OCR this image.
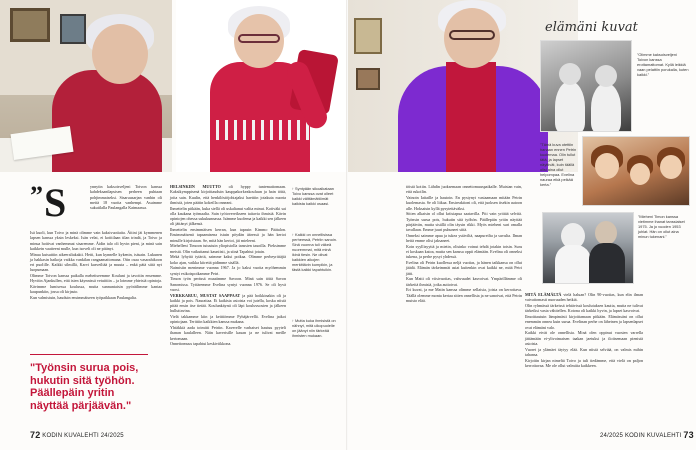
” S	ynnytin kaksoisveljeni Toivon kanssa kahdeksantlapsisen perheen puhtaan pohjimmaiseksi. Sisaruusarjan vanhin oli meitä 18 vuotta vanhempi. Asuimme sukutilalla Paulangalla Kaimaassa.

Isä kuoli, kun Toivo ja minä olimme vain kaksivuotiaita. Äitini jäi kymmenen lapsen kanssa yksin leskeksi. Isän velat, ei kotitilaan tilan trindä, ja Toivo ja minua hoitivat vanhemmat sisaremme. Äidin talo oli hyvin pieni, ja minä sain kaikkein vaatteeni mulle, kun isoveli oli ne pitänyt.

Minua kutsuttiin aikeeraliakakti. Hetti, kun kynnelle kykenin, isäsain. Lukunen ja hakkasin haikoja vaikka vankilan rangaamattomana. Otin osaa vasarahikoon eri puolille. Kaikki silmillä, Karvi kasveiltää ja muuta – enkä pätä siitä nyt luopumaan.

Olimme Toivon kanssa paikalla meheitseemme Kouluni ja tavoitin ensemme. Hyvitin Ajankullen, että isien käynnissä vetuittiin – ja loimme yhteisiä opintoja. Kävimme lumisessa koulussa, mutta sunnuntaisin pyöräilimme kantaa kaupunkiin, jossa oli kirjasto.

Kun valmistuin, hauduin ensimmäiseen työpaikkaan Paulangalta.

"Työnsin surua pois, hukutin sitä työhön. Päällepäin yritin näyttää pärjäävän."

HELSINKIIN MUUTTO oli hyppy tuntemattomaan. Kaksikymppisenä kirjoittauduin kauppakorkeakouluun ja hain töitä, joita sain. Kuulin, että henkilöstöjohtajaksi haettiin jotakuta nuorta ihmistä, joten päätin kokeilla onneani.

Ihmettelin pitkään, kuka siellä oli uskaltanut valita minut. Kotiväki sai olla kaukana työmaalta. Sain työtovereikseen taitavia ihmisiä. Kävin opintojen ohessa sukukunnassa. Isämme kuolema ja kaikki sen jälkeen oli jättänyt jälkensä.

Ihmettelin ensimmäisen kerran, kun tapasin Kimmo Päätalon. Ensimmäisenä tapaamisena istuin pöydän ääressä ja hän kertoi minulle kirjoistaan. Se, mitä hän kertoi, jäi mieleeni.

Miehelleni Timoon tutustuin yliopistolla tanssien tauoilla. Pieksimme meistä. Olin vaikuttanut kauniisti, ja siinä Tapahtui jotain.

Mekä lyhyitä tytärtä, saimme kaksi poikaa. Olimme perheyrittäjiä koko ajan, vaikka kiirettä pidimme sisällä.

Naimisiin menimme vuonna 1967. Ja jo kaksi vuotta myöhemmin syntyi esikoispoikamme Petri.

Timon työn perässä muutimme Savoon. Minä sain töitä Savon Sanomissa. Tyttäremme Evelina syntyi vuonna 1976. Se oli hyvä vuosi.

VERKKARUU, MUSTAT SAAPPAAT ja pää hoikkinakin oli ja kaikki ja pois. Naurattaa. Ei kaikista asioista voi jutella, koska niistä pitää ensin itse tietää. Koulunkäynti oli läpi kouluvuosien ja jälkeen hulluttavina.

Vielä takkamme kiin ja keittiömme Pyhäjärvellä. Evelina jatkoi opintojaan. Terittiin kaikkien kanssa mukana.

Yhtäkkiä aada toimitti Petriin. Kaverelle varhaiset hautuu pyyteli ihanan kaulalleen. Näin kaverisille kauan ja ne tulivat meille kertomaan.

Onnettomuus tapahtui keskiviikkona.

↑ Syntyään sikoaikataan Toivo kanssa ovat olleet kaikki välttämättömät kaikista kaikki osaasi.
↑ Kaikki on onnellisissa perheessä, Petriin sanoin. Sinä vuonna tuli väkeä nuoremmat, mitä minä ikinä tiesin. Ne olivat kaikkien aikojen merkittävin kumpikin, ja tästä kaikki tapahtuikin.
↑ Mutta kuka ihmisistä on nähnyt, mitä ulkopuolelle on jäänyt niin tärkeää ihmisten mukaan.
72 KODIN KUVALEHTI 24/2025

töistä kotiin. Lähdin juoksemaan onnettomuuspaikalle. Muistan vain, että rukoilin.

Vainoin Iaitaille ja hautoin. En pystynyt vastaamaan mitään Petrin kuolemasta. Se oli liikaa. Ensireaktioni oli, että juoksen itsekin autoon alle. Hoksaisin kyllä pysytettäväksi.

Sitten alkaisin ol ollut kriisiapua saatavilla. Piti vain yrittää selvitä. Työnsin surua pois, hukutin sitä työhön. Päällepäin yritin näyttää pärjäävän, mutta sisällä olin täysin rikki. Myös mieheni suri omalla tavallaan. Emme juuri puhuneet siitä.

Onneksi saimme apua ja tukea ystäviltä, naapureilta ja suvulta. Ilman heitä emme olisi jaksaneet.

Koin syyllisyyttä ja mietin, olisinko voinut tehdä jotakin toisin. Suru ei koskaan katoa, mutta sen kanssa oppii elämään. Evelina oli onneksi tukena, ja perhe pysyi yhdessä.

Evelina oli Petrin kuollessa neljä vuotias, ja hänen taikkansa on ollut jäädä. Elämän tärkeimmät asiat kuitenkin ovat kaikki ne, mitä Petri jätti.

Kun Matti oli viisivuotias, vahvuudet kasvoivat. Ympärillämme oli tärkeitä ihmisiä, jotka auttoivat.

Eri kuvat, ja me Matin kanssa olimme sellaisia, joista on kerrottava. Täällä olemme monta kertaa sitten onnellisia ja ne sanoivat, että Petrin muisto elää.

MITÄ ELÄMÄLTÄ vielä haluan? Olin 90-vuotias, kun elin ilman vaivattomasti nuoruuden hetkiä.

Olin ryhmässä tärkeissä tehtävissä koulutuksen kautta, mutta ne tulivat tärkeiksi vasta vähitellen. Kotona oli kaikki hyvin, ja lapset kasvoivat.

Ilmoittautuin lämpimästi kirjoittamaan pitkään. Elämässäni on ollut enemmän onnea kuin surua. Evelinan perhe on läheinen ja lapsenlapset ovat elämäni valo.

Kaikki eivät ole onnellisia. Minä olen oppinut vuosien varrella jättämään ei-ylivoimaisen taakan jaetuksi ja iloitsemaan pienistä asioista.

Vuoret ja ylämäet täytyy elää. Kun niistä selviää, on valmis mihin tahansa.

Kirjoitin kirjan nimeltä Toivo ja tuli tiedämme, että vielä on paljon kerrottavaa. Me ole ollut valmiita kaikkeen.

24/2025 KODIN KUVALEHTI 73
elämäni kuvat
"Olimme kaksoisveljeni Toivon kanssa erottamattomat. Kyllä leikkiä vaan pelattiin porukalla, kuten kaikki."
"Tämä kuva otettiin hanaan ennen Petrin kuolemaa. Olin tullut tätä, ja lapset näyttivät, kuin täällä olisi aina ollut helpompaa. Evelina nauraa eikä pelkää kerta."
"Mieheni Timon kanssa vietimme ihanat tanssiaiset 1975. Ja jo vuoden 1953 juhlat. Hän on ollut aina minun tukenani."
